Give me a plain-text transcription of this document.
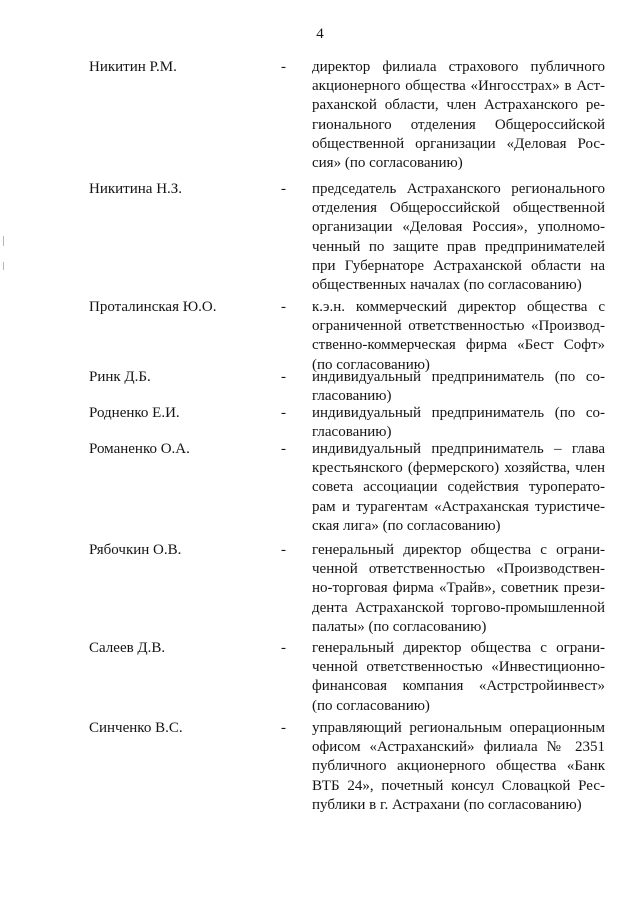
4
Никитин Р.М.	- директор филиала страхового публичного
акционерного общества «Ингосстрах» в Аст-
раханской области, член Астраханского ре-
гионального отделения Общероссийской
общественной организации «Деловая Рос-
сия» (по согласованию)
Никитина Н.З.	- председатель Астраханского регионального
отделения Общероссийской общественной
организации «Деловая Россия», уполномо-
ченный по защите прав предпринимателей
при Губернаторе Астраханской области на
общественных началах (по согласованию)
Проталинская Ю.О.	- к.э.н. коммерческий директор общества с
ограниченной ответственностью «Производ-
ственно-коммерческая фирма «Бест Софт»
(по согласованию)
Ринк Д.Б.	- индивидуальный предприниматель (по со-
гласованию)
Родненко Е.И.	- индивидуальный предприниматель (по со-
гласованию)
Романенко О.А.	- индивидуальный предприниматель – глава
крестьянского (фермерского) хозяйства, член
совета ассоциации содействия туроперато-
рам и турагентам «Астраханская туристиче-
ская лига» (по согласованию)
Рябочкин О.В.	- генеральный директор общества с ограни-
ченной ответственностью «Производствен-
но-торговая фирма «Трайв», советник прези-
дента Астраханской торгово-промышленной
палаты» (по согласованию)
Салеев Д.В.	- генеральный директор общества с ограни-
ченной ответственностью «Инвестиционно-
финансовая компания «Астрстройинвест»
(по согласованию)
Синченко В.С.	- управляющий региональным операционным
офисом «Астраханский» филиала № 2351
публичного акционерного общества «Банк
ВТБ 24», почетный консул Словацкой Рес-
публики в г. Астрахани (по согласованию)
